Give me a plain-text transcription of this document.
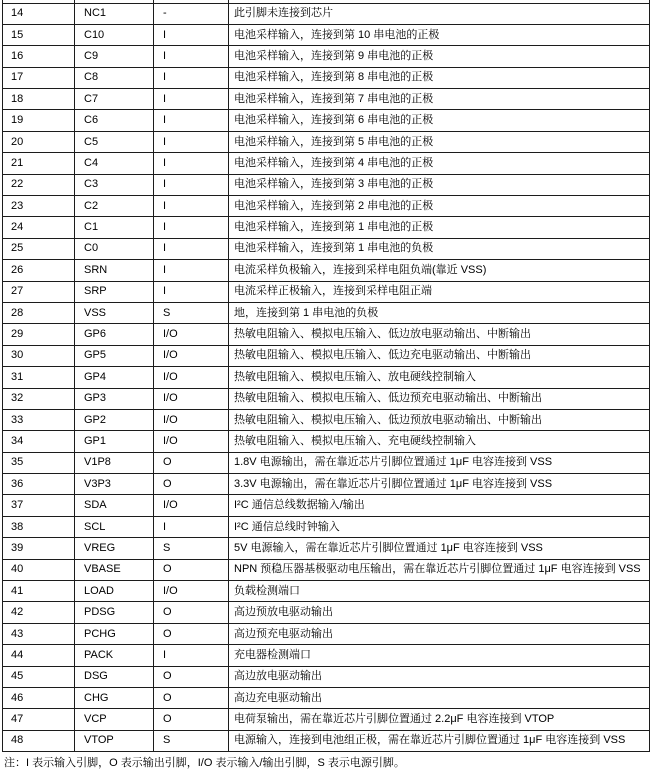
14	NC1	-	此引脚未连接到芯片
15	C10	I	电池采样输入，连接到第 10 串电池的正极
16	C9	I	电池采样输入，连接到第 9 串电池的正极
17	C8	I	电池采样输入，连接到第 8 串电池的正极
18	C7	I	电池采样输入，连接到第 7 串电池的正极
19	C6	I	电池采样输入，连接到第 6 串电池的正极
20	C5	I	电池采样输入，连接到第 5 串电池的正极
21	C4	I	电池采样输入，连接到第 4 串电池的正极
22	C3	I	电池采样输入，连接到第 3 串电池的正极
23	C2	I	电池采样输入，连接到第 2 串电池的正极
24	C1	I	电池采样输入，连接到第 1 串电池的正极
25	C0	I	电池采样输入，连接到第 1 串电池的负极
26	SRN	I	电流采样负极输入，连接到采样电阻负端(靠近 VSS)
27	SRP	I	电流采样正极输入，连接到采样电阻正端
28	VSS	S	地，连接到第 1 串电池的负极
29	GP6	I/O	热敏电阻输入、模拟电压输入、低边放电驱动输出、中断输出
30	GP5	I/O	热敏电阻输入、模拟电压输入、低边充电驱动输出、中断输出
31	GP4	I/O	热敏电阻输入、模拟电压输入、放电硬线控制输入
32	GP3	I/O	热敏电阻输入、模拟电压输入、低边预充电驱动输出、中断输出
33	GP2	I/O	热敏电阻输入、模拟电压输入、低边预放电驱动输出、中断输出
34	GP1	I/O	热敏电阻输入、模拟电压输入、充电硬线控制输入
35	V1P8	O	1.8V 电源输出，需在靠近芯片引脚位置通过 1μF 电容连接到 VSS
36	V3P3	O	3.3V 电源输出，需在靠近芯片引脚位置通过 1μF 电容连接到 VSS
37	SDA	I/O	I²C 通信总线数据输入/输出
38	SCL	I	I²C 通信总线时钟输入
39	VREG	S	5V 电源输入，需在靠近芯片引脚位置通过 1μF 电容连接到 VSS
40	VBASE	O	NPN 预稳压器基极驱动电压输出，需在靠近芯片引脚位置通过 1μF 电容连接到 VSS
41	LOAD	I/O	负载检测端口
42	PDSG	O	高边预放电驱动输出
43	PCHG	O	高边预充电驱动输出
44	PACK	I	充电器检测端口
45	DSG	O	高边放电驱动输出
46	CHG	O	高边充电驱动输出
47	VCP	O	电荷泵输出，需在靠近芯片引脚位置通过 2.2μF 电容连接到 VTOP
48	VTOP	S	电源输入，连接到电池组正极，需在靠近芯片引脚位置通过 1μF 电容连接到 VSS
注：I 表示输入引脚，O 表示输出引脚，I/O 表示输入/输出引脚，S 表示电源引脚。
